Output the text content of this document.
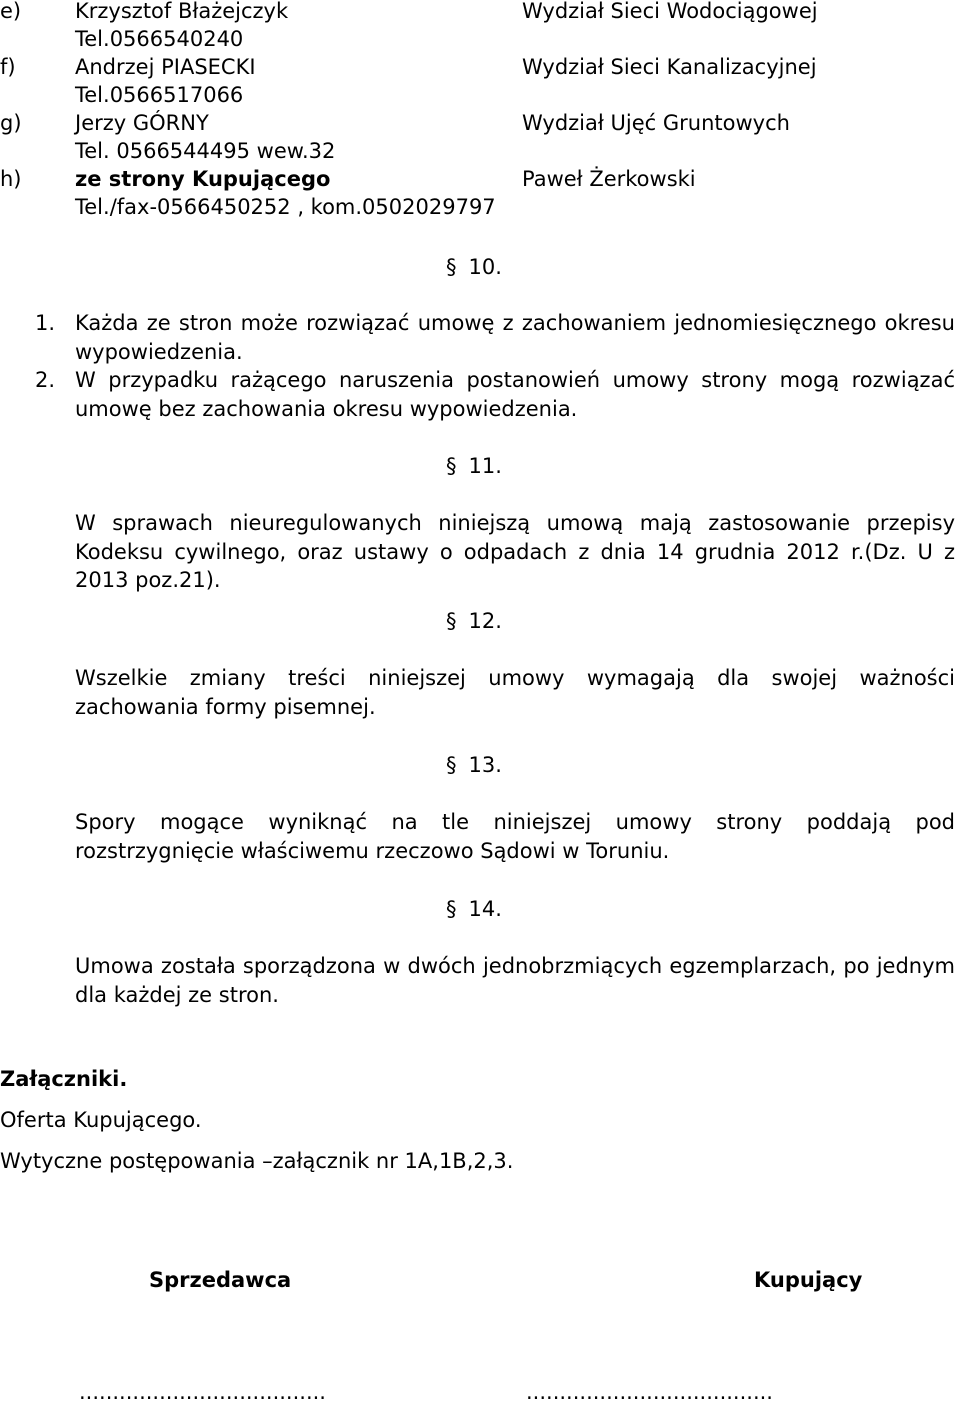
e)	Krzysztof Błażejczyk	Wydział Sieci Wodociągowej
Tel.0566540240
f)	Andrzej PIASECKI	Wydział Sieci Kanalizacyjnej
Tel.0566517066
g)	Jerzy GÓRNY	Wydział Ujęć Gruntowych
Tel. 0566544495 wew.32
h)	ze strony Kupującego	Paweł Żerkowski
Tel./fax-0566450252 , kom.0502029797
§ 10.
1. Każda ze stron może rozwiązać umowę z zachowaniem jednomiesięcznego okresu wypowiedzenia.
2. W przypadku rażącego naruszenia postanowień umowy strony mogą rozwiązać umowę bez zachowania okresu wypowiedzenia.
§ 11.
W sprawach nieuregulowanych niniejszą umową mają zastosowanie przepisy Kodeksu cywilnego, oraz ustawy o odpadach z dnia 14 grudnia 2012 r.(Dz. U z 2013 poz.21).
§ 12.
Wszelkie zmiany treści niniejszej umowy wymagają dla swojej ważności zachowania formy pisemnej.
§ 13.
Spory mogące wyniknąć na tle niniejszej umowy strony poddają pod rozstrzygnięcie właściwemu rzeczowo Sądowi w Toruniu.
§ 14.
Umowa została sporządzona w dwóch jednobrzmiących egzemplarzach, po jednym dla każdej ze stron.
Załączniki.
Oferta Kupującego.
Wytyczne postępowania –załącznik nr 1A,1B,2,3.
Sprzedawca	Kupujący
.....................................	.....................................
